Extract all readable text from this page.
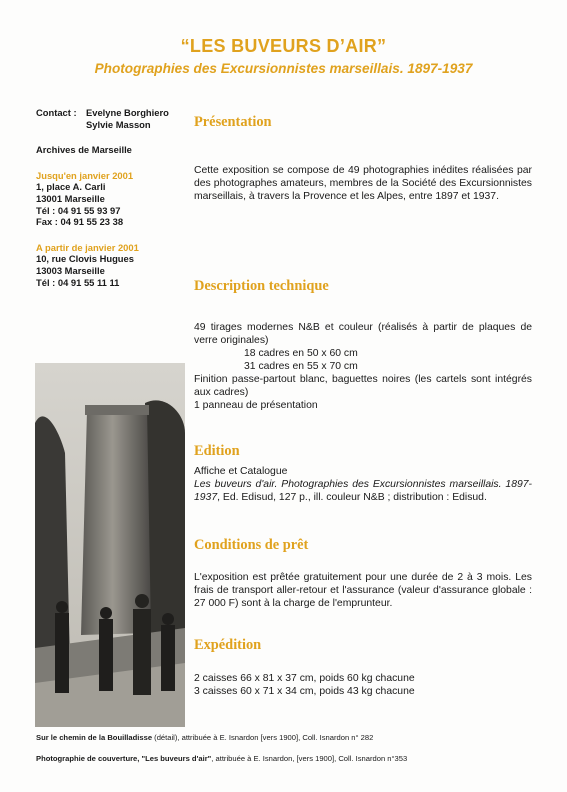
“LES BUVEURS D’AIR”
Photographies des Excursionnistes marseillais. 1897-1937
Contact : Evelyne Borghiero
Sylvie Masson
Archives de Marseille
Jusqu'en janvier 2001
1, place A. Carli
13001 Marseille
Tél : 04 91 55 93 97
Fax : 04 91 55 23 38
A partir de janvier 2001
10, rue Clovis Hugues
13003 Marseille
Tél : 04 91 55 11 11
Sur le chemin de la Bouilladisse (détail), attribuée à E. Isnardon [vers 1900], Coll. Isnardon n° 282
Photographie de couverture, "Les buveurs d'air", attribuée à E. Isnardon, [vers 1900], Coll. Isnardon n°353
Présentation
Cette exposition se compose de 49 photographies inédites réalisées par des photographes amateurs, membres de la Société des Excursionnistes marseillais, à travers la Provence et les Alpes, entre 1897 et 1937.
Description technique

49 tirages modernes N&B et couleur (réalisés à partir de plaques de verre originales)

18 cadres en 50 x 60 cm

31 cadres en 55 x 70 cm

Finition passe-partout blanc, baguettes noires (les cartels sont intégrés aux cadres)

1 panneau de présentation

Edition

Affiche et Catalogue

Les buveurs d'air. Photographies des Excursionnistes marseillais. 1897-1937, Ed. Edisud, 127 p., ill. couleur N&B ; distribution : Edisud.

Conditions de prêt
L'exposition est prêtée gratuitement pour une durée de 2 à 3 mois. Les frais de transport aller-retour et l'assurance (valeur d'assurance globale : 27 000 F) sont à la charge de l'emprunteur.
Expédition

2 caisses 66 x 81 x 37 cm, poids 60 kg chacune

3 caisses 60 x 71 x 34 cm, poids 43 kg chacune
